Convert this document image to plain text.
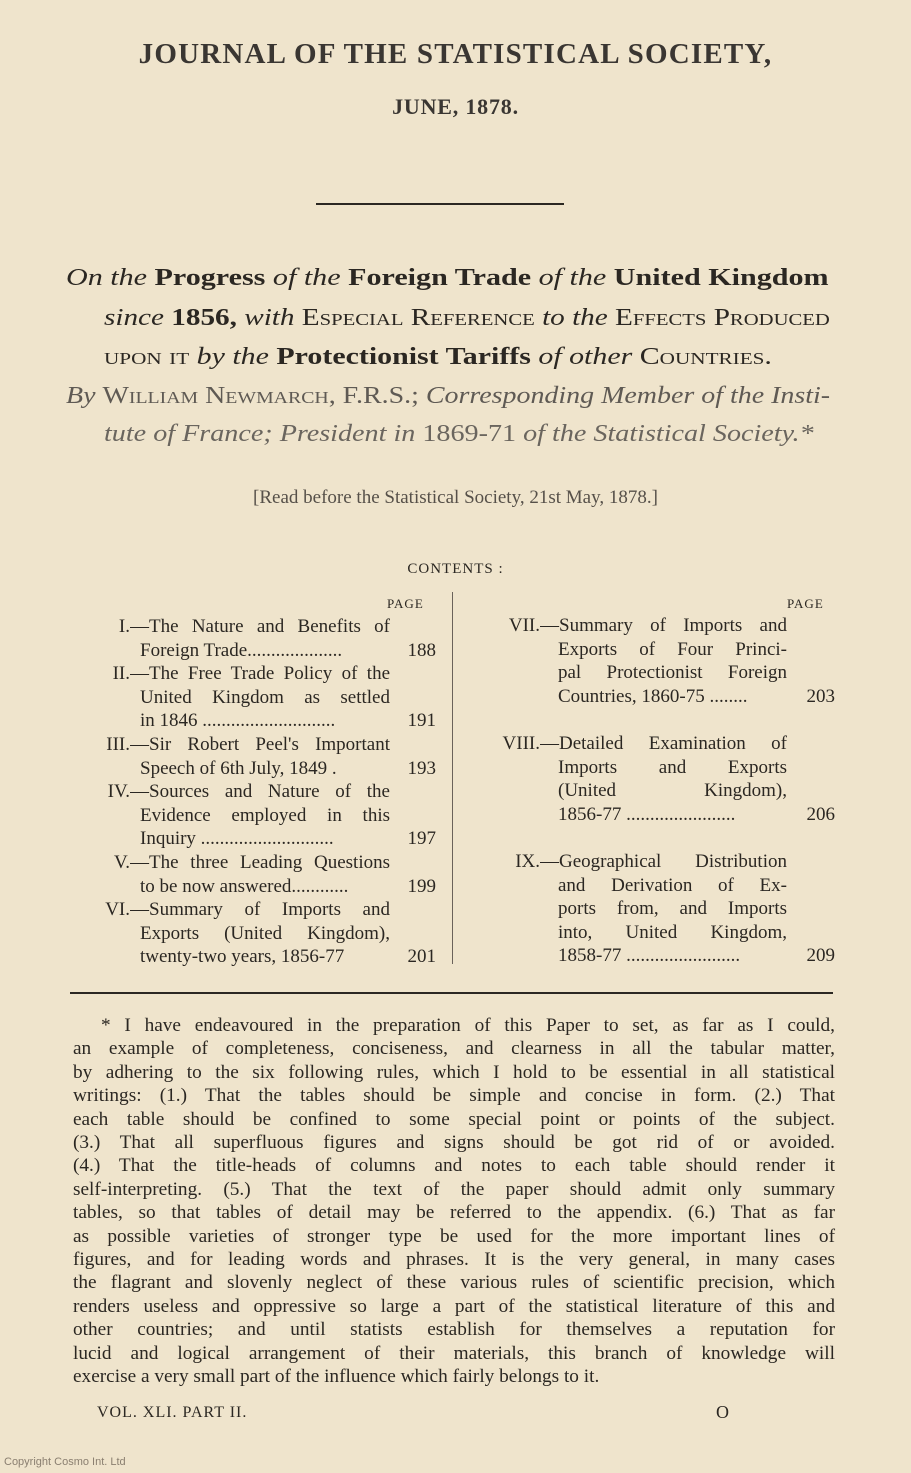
JOURNAL OF THE STATISTICAL SOCIETY,
JUNE, 1878.
On the Progress of the Foreign Trade of the United Kingdom
since 1856, with Especial Reference to the Effects Produced
upon it by the Protectionist Tariffs of other Countries.
By William Newmarch, F.R.S.; Corresponding Member of the Insti-
tute of France; President in 1869-71 of the Statistical Society.*
[Read before the Statistical Society, 21st May, 1878.]
CONTENTS :
PAGE	PAGE
I. —The Nature and Benefits of
Foreign Trade....................	188
II. —The Free Trade Policy of the
United Kingdom as settled
in 1846 ............................	191
III. —Sir Robert Peel's Important
Speech of 6th July, 1849 .	193
IV. —Sources and Nature of the
Evidence employed in this
Inquiry ............................	197
V. —The three Leading Questions
to be now answered............	199
VI. —Summary of Imports and
Exports (United Kingdom),
twenty-two years, 1856-77	201
VII. —Summary of Imports and
Exports of Four Princi-
pal Protectionist Foreign
Countries, 1860-75 ........	203
VIII. —Detailed Examination of
Imports and Exports
(United Kingdom),
1856-77 .......................	206
IX. —Geographical Distribution
and Derivation of Ex-
ports from, and Imports
into, United Kingdom,
1858-77 ........................	209
* I have endeavoured in the preparation of this Paper to set, as far as I could,
an example of completeness, conciseness, and clearness in all the tabular matter,
by adhering to the six following rules, which I hold to be essential in all statistical
writings: (1.) That the tables should be simple and concise in form. (2.) That
each table should be confined to some special point or points of the subject.
(3.) That all superfluous figures and signs should be got rid of or avoided.
(4.) That the title-heads of columns and notes to each table should render it
self-interpreting. (5.) That the text of the paper should admit only summary
tables, so that tables of detail may be referred to the appendix. (6.) That as far
as possible varieties of stronger type be used for the more important lines of
figures, and for leading words and phrases. It is the very general, in many cases
the flagrant and slovenly neglect of these various rules of scientific precision, which
renders useless and oppressive so large a part of the statistical literature of this and
other countries; and until statists establish for themselves a reputation for
lucid and logical arrangement of their materials, this branch of knowledge will
exercise a very small part of the influence which fairly belongs to it.
VOL. XLI. PART II.	O
Copyright Cosmo Int. Ltd
